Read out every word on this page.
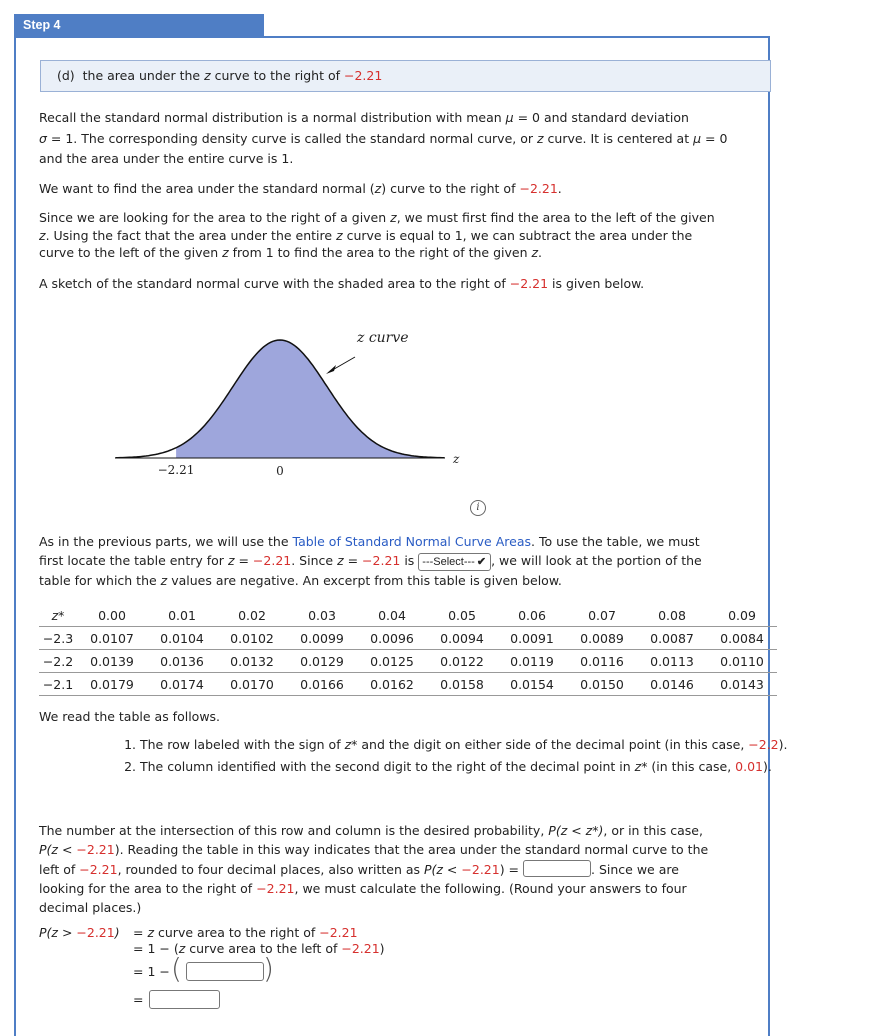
Step 4
(d) the area under the z curve to the right of −2.21
Recall the standard normal distribution is a normal distribution with mean μ = 0 and standard deviation
σ = 1. The corresponding density curve is called the standard normal curve, or z curve. It is centered at μ = 0
and the area under the entire curve is 1.
We want to find the area under the standard normal (z) curve to the right of −2.21.
Since we are looking for the area to the right of a given z, we must first find the area to the left of the given
z. Using the fact that the area under the entire z curve is equal to 1, we can subtract the area under the
curve to the left of the given z from 1 to find the area to the right of the given z.
A sketch of the standard normal curve with the shaded area to the right of −2.21 is given below.
z curve
z
−2.21	0
i
As in the previous parts, we will use the Table of Standard Normal Curve Areas. To use the table, we must
first locate the table entry for z = −2.21. Since z = −2.21 is ---Select--- ✔ , we will look at the portion of the
table for which the z values are negative. An excerpt from this table is given below.
z*	0.00	0.01	0.02	0.03	0.04	0.05	0.06	0.07	0.08	0.09
−2.3	0.0107	0.0104	0.0102	0.0099	0.0096	0.0094	0.0091	0.0089	0.0087	0.0084
−2.2	0.0139	0.0136	0.0132	0.0129	0.0125	0.0122	0.0119	0.0116	0.0113	0.0110
−2.1	0.0179	0.0174	0.0170	0.0166	0.0162	0.0158	0.0154	0.0150	0.0146	0.0143
We read the table as follows.
1. The row labeled with the sign of z* and the digit on either side of the decimal point (in this case, −2.2).
2. The column identified with the second digit to the right of the decimal point in z* (in this case, 0.01).
The number at the intersection of this row and column is the desired probability, P(z < z*), or in this case,
P(z < −2.21). Reading the table in this way indicates that the area under the standard normal curve to the
left of −2.21, rounded to four decimal places, also written as P(z < −2.21) =	. Since we are
looking for the area to the right of −2.21, we must calculate the following. (Round your answers to four
decimal places.)
P(z > −2.21) = z curve area to the right of −2.21
= 1 − (z curve area to the left of −2.21)
= 1 − (	)
=
